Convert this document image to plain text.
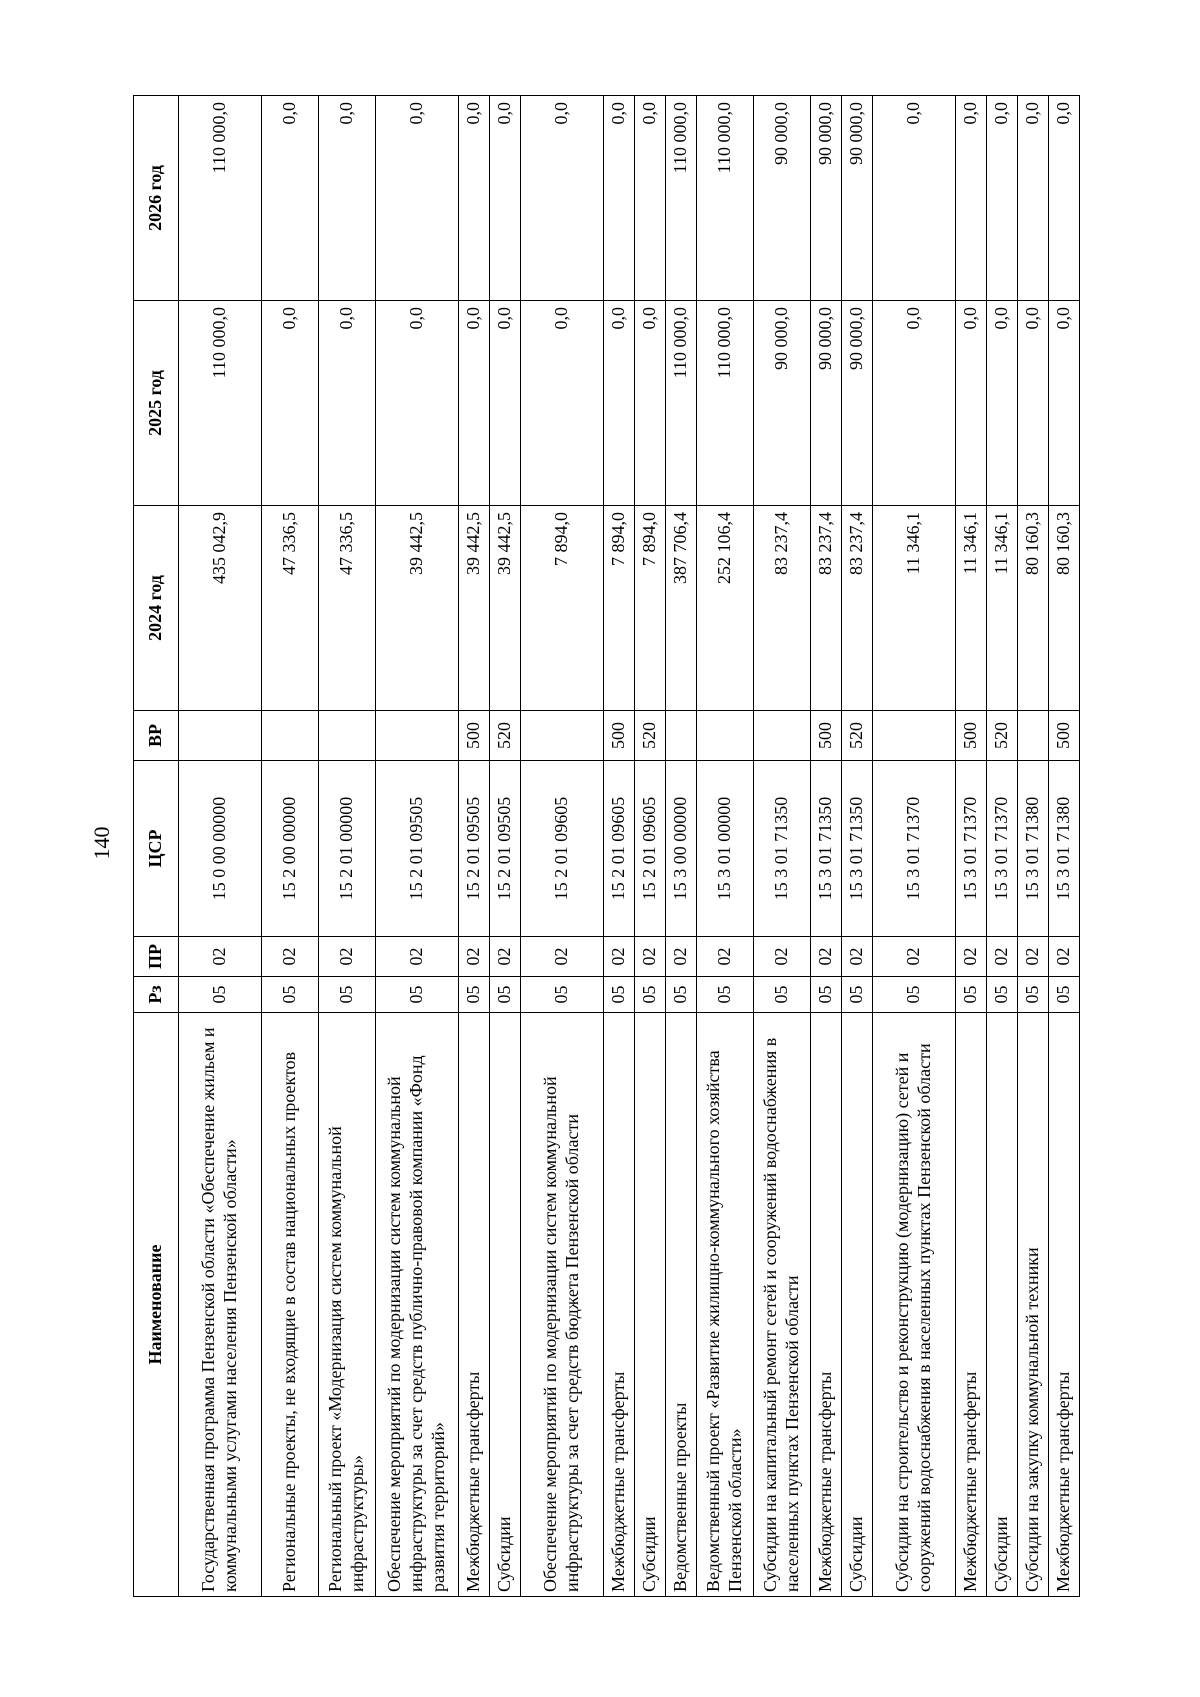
140
Наименование	Рз	ПР	ЦСР	ВР	2024 год	2025 год	2026 год
Государственная программа Пензенской области «Обеспечение жильем и коммунальными услугами населения Пензенской области»	05	02	15 0 00 00000		435 042,9	110 000,0	110 000,0
Региональные проекты, не входящие в состав национальных проектов	05	02	15 2 00 00000		47 336,5	0,0	0,0
Региональный проект «Модернизация систем коммунальной инфраструктуры»	05	02	15 2 01 00000		47 336,5	0,0	0,0
Обеспечение мероприятий по модернизации систем коммунальной инфраструктуры за счет средств публично-правовой компании «Фонд развития территорий»	05	02	15 2 01 09505		39 442,5	0,0	0,0
Межбюджетные трансферты	05	02	15 2 01 09505	500	39 442,5	0,0	0,0
Субсидии	05	02	15 2 01 09505	520	39 442,5	0,0	0,0
Обеспечение мероприятий по модернизации систем коммунальной инфраструктуры за счет средств бюджета Пензенской области	05	02	15 2 01 09605		7 894,0	0,0	0,0
Межбюджетные трансферты	05	02	15 2 01 09605	500	7 894,0	0,0	0,0
Субсидии	05	02	15 2 01 09605	520	7 894,0	0,0	0,0
Ведомственные проекты	05	02	15 3 00 00000		387 706,4	110 000,0	110 000,0
Ведомственный проект «Развитие жилищно-коммунального хозяйства Пензенской области»	05	02	15 3 01 00000		252 106,4	110 000,0	110 000,0
Субсидии на капитальный ремонт сетей и сооружений водоснабжения в населенных пунктах Пензенской области	05	02	15 3 01 71350		83 237,4	90 000,0	90 000,0
Межбюджетные трансферты	05	02	15 3 01 71350	500	83 237,4	90 000,0	90 000,0
Субсидии	05	02	15 3 01 71350	520	83 237,4	90 000,0	90 000,0
Субсидии на строительство и реконструкцию (модернизацию) сетей и сооружений водоснабжения в населенных пунктах Пензенской области	05	02	15 3 01 71370		11 346,1	0,0	0,0
Межбюджетные трансферты	05	02	15 3 01 71370	500	11 346,1	0,0	0,0
Субсидии	05	02	15 3 01 71370	520	11 346,1	0,0	0,0
Субсидии на закупку коммунальной техники	05	02	15 3 01 71380		80 160,3	0,0	0,0
Межбюджетные трансферты	05	02	15 3 01 71380	500	80 160,3	0,0	0,0
